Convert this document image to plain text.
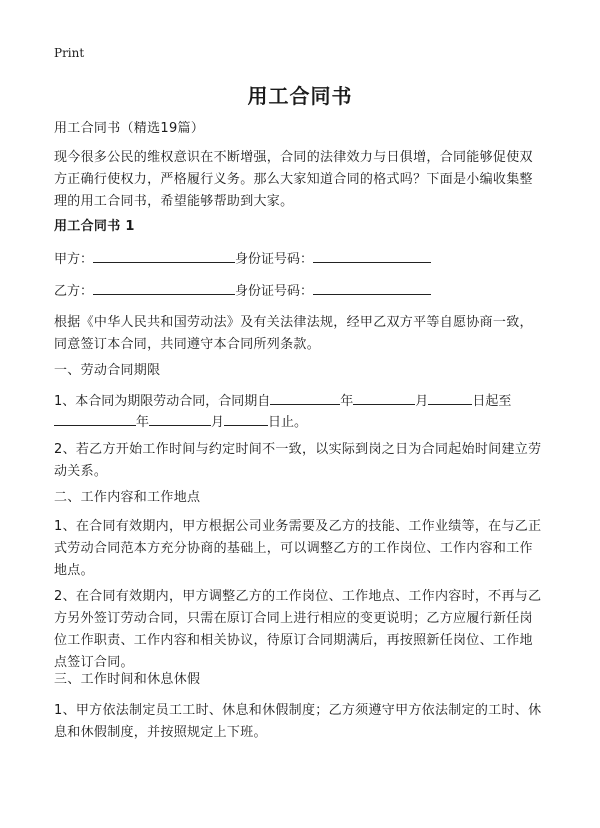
Print
用工合同书
用工合同书（精选19篇）
现今很多公民的维权意识在不断增强，合同的法律效力与日俱增，合同能够促使双方正确行使权力，严格履行义务。那么大家知道合同的格式吗？下面是小编收集整理的用工合同书，希望能够帮助到大家。
用工合同书 1
甲方：	身份证号码：
乙方：	身份证号码：
根据《中华人民共和国劳动法》及有关法律法规，经甲乙双方平等自愿协商一致，同意签订本合同，共同遵守本合同所列条款。
一、劳动合同期限
1、本合同为期限劳动合同，合同期自	年	月	日起至
年	月	日止。
2、若乙方开始工作时间与约定时间不一致，以实际到岗之日为合同起始时间建立劳动关系。
二、工作内容和工作地点
1、在合同有效期内，甲方根据公司业务需要及乙方的技能、工作业绩等，在与乙正式劳动合同范本方充分协商的基础上，可以调整乙方的工作岗位、工作内容和工作地点。
2、在合同有效期内，甲方调整乙方的工作岗位、工作地点、工作内容时，不再与乙方另外签订劳动合同，只需在原订合同上进行相应的变更说明；乙方应履行新任岗位工作职责、工作内容和相关协议，待原订合同期满后，再按照新任岗位、工作地点签订合同。
三、工作时间和休息休假
1、甲方依法制定员工工时、休息和休假制度；乙方须遵守甲方依法制定的工时、休息和休假制度，并按照规定上下班。
